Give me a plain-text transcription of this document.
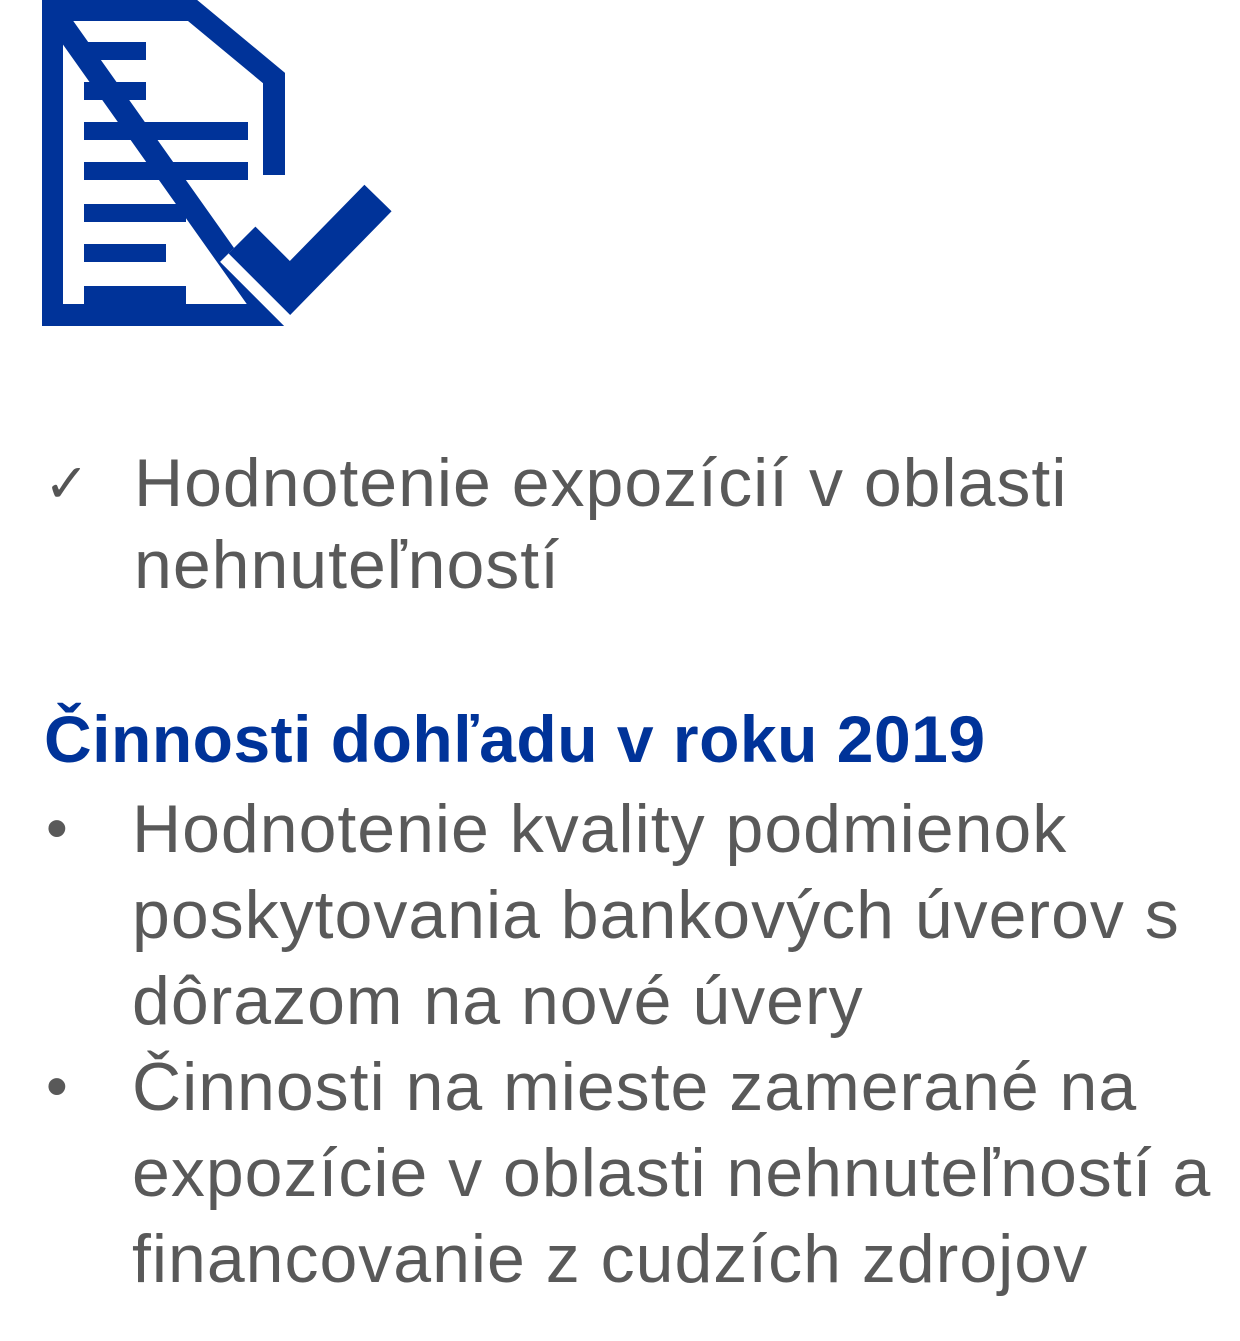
✓ Hodnotenie expozícií v oblasti nehnuteľností
Činnosti dohľadu v roku 2019
• Hodnotenie kvality podmienok poskytovania bankových úverov s dôrazom na nové úvery
• Činnosti na mieste zamerané na expozície v oblasti nehnuteľností a financovanie z cudzích zdrojov
